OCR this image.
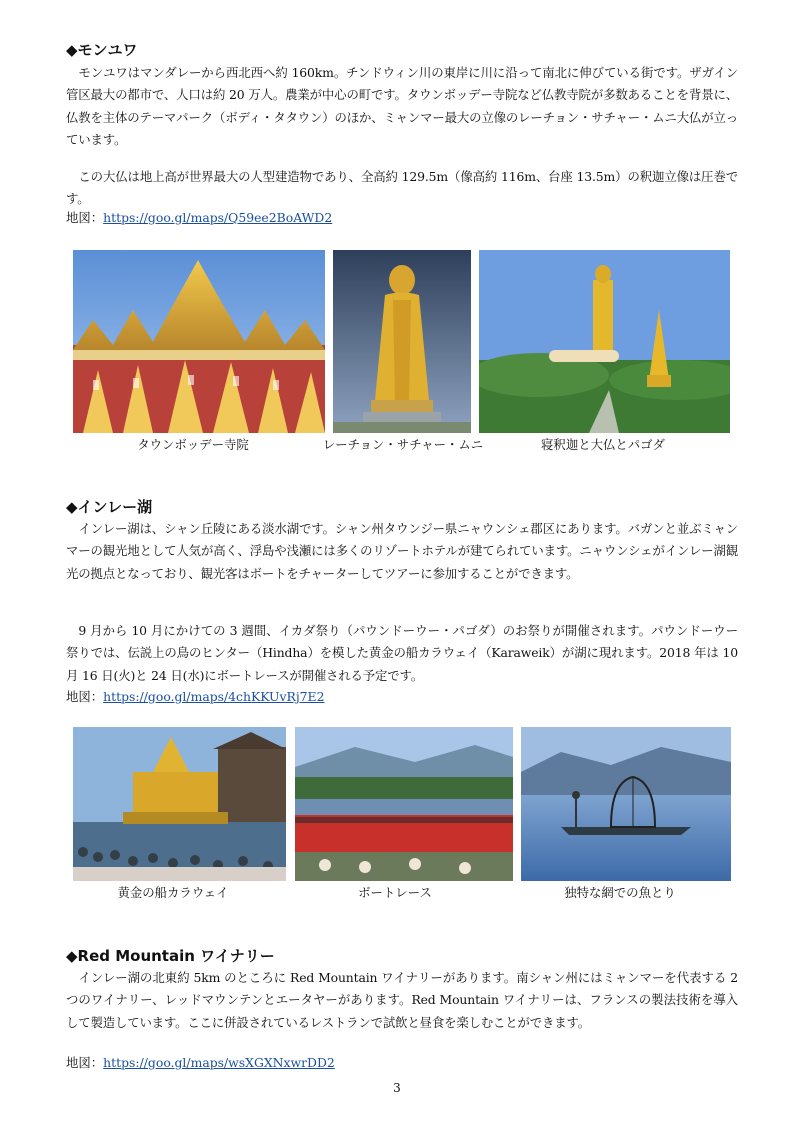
◆モンユワ

モンユワはマンダレーから西北西へ約 160km。チンドウィン川の東岸に川に沿って南北に伸びている街です。ザガイン管区最大の都市で、人口は約 20 万人。農業が中心の町です。タウンボッデー寺院など仏教寺院が多数あることを背景に、仏教を主体のテーマパーク（ボディ・タタウン）のほか、ミャンマー最大の立像のレーチョン・サチャー・ムニ大仏が立っています。

この大仏は地上高が世界最大の人型建造物であり、全高約 129.5m（像高約 116m、台座 13.5m）の釈迦立像は圧巻です。

地図：https://goo.gl/maps/Q59ee2BoAWD2
タウンボッデー寺院	レーチョン・サチャー・ムニ	寝釈迦と大仏とパゴダ
◆インレー湖

インレー湖は、シャン丘陵にある淡水湖です。シャン州タウンジー県ニャウンシェ郡区にあります。バガンと並ぶミャンマーの観光地として人気が高く、浮島や浅瀬には多くのリゾートホテルが建てられています。ニャウンシェがインレー湖観光の拠点となっており、観光客はボートをチャーターしてツアーに参加することができます。

9 月から 10 月にかけての 3 週間、イカダ祭り（パウンドーウー・パゴダ）のお祭りが開催されます。パウンドーウー祭りでは、伝説上の鳥のヒンター（Hindha）を模した黄金の船カラウェイ（Karaweik）が湖に現れます。2018 年は 10 月 16 日(火)と 24 日(水)にボートレースが開催される予定です。

地図：https://goo.gl/maps/4chKKUvRj7E2
黄金の船カラウェイ	ボートレース	独特な網での魚とり
◆Red Mountain ワイナリー

インレー湖の北東約 5km のところに Red Mountain ワイナリーがあります。南シャン州にはミャンマーを代表する 2 つのワイナリー、レッドマウンテンとエータヤーがあります。Red Mountain ワイナリーは、フランスの製法技術を導入して製造しています。ここに併設されているレストランで試飲と昼食を楽しむことができます。

地図：https://goo.gl/maps/wsXGXNxwrDD2
3
